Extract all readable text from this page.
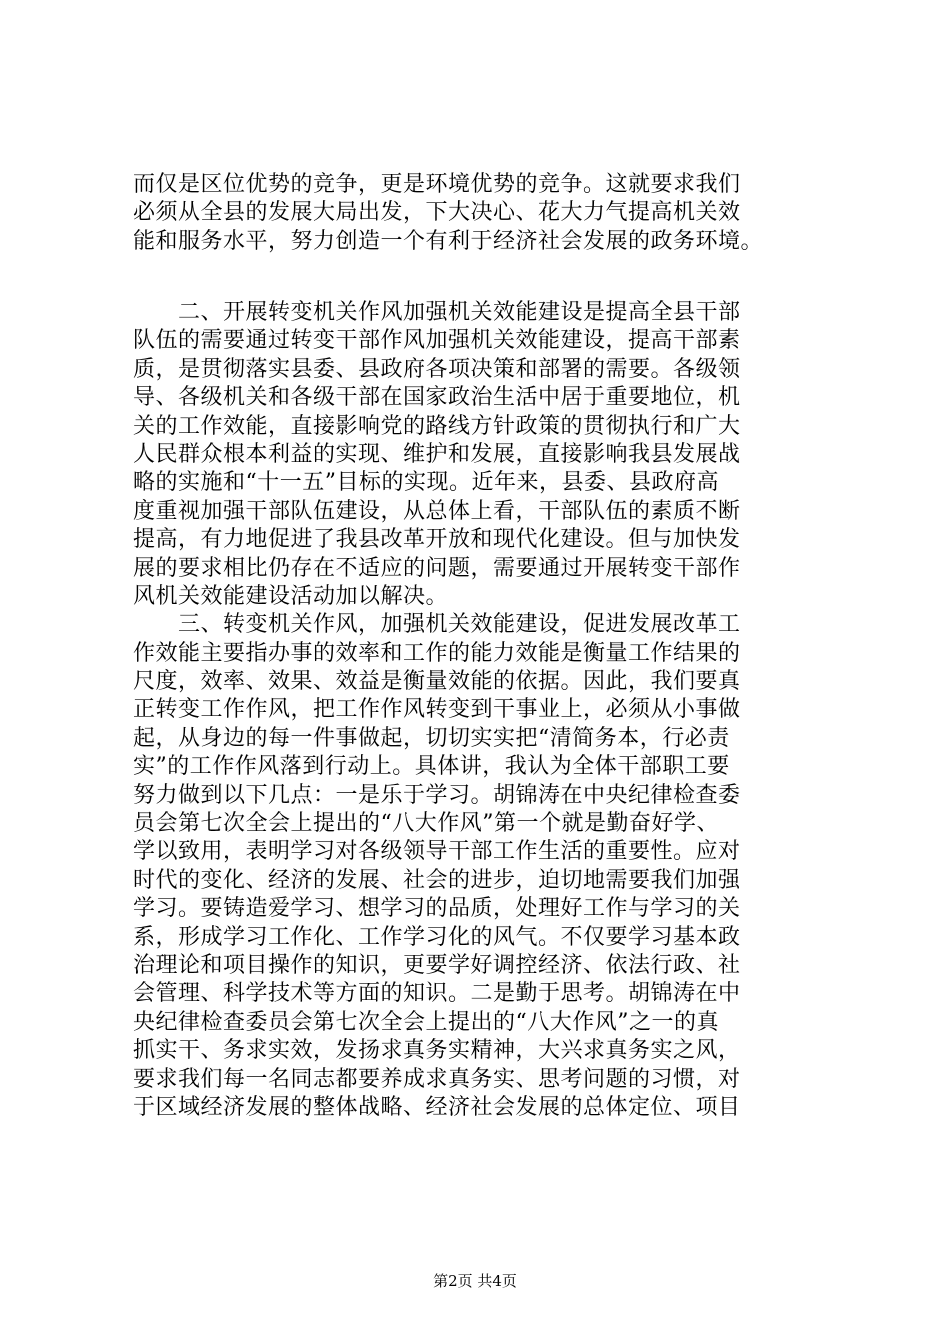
而仅是区位优势的竞争，更是环境优势的竞争。这就要求我们
必须从全县的发展大局出发，下大决心、花大力气提高机关效
能和服务水平，努力创造一个有利于经济社会发展的政务环境。
　　二、开展转变机关作风加强机关效能建设是提高全县干部
队伍的需要通过转变干部作风加强机关效能建设，提高干部素
质，是贯彻落实县委、县政府各项决策和部署的需要。各级领
导、各级机关和各级干部在国家政治生活中居于重要地位，机
关的工作效能，直接影响党的路线方针政策的贯彻执行和广大
人民群众根本利益的实现、维护和发展，直接影响我县发展战
略的实施和“十一五”目标的实现。近年来，县委、县政府高
度重视加强干部队伍建设，从总体上看，干部队伍的素质不断
提高，有力地促进了我县改革开放和现代化建设。但与加快发
展的要求相比仍存在不适应的问题，需要通过开展转变干部作
风机关效能建设活动加以解决。
　　三、转变机关作风，加强机关效能建设，促进发展改革工
作效能主要指办事的效率和工作的能力效能是衡量工作结果的
尺度，效率、效果、效益是衡量效能的依据。因此，我们要真
正转变工作作风，把工作作风转变到干事业上，必须从小事做
起，从身边的每一件事做起，切切实实把“清简务本，行必责
实”的工作作风落到行动上。具体讲，我认为全体干部职工要
努力做到以下几点：一是乐于学习。胡锦涛在中央纪律检查委
员会第七次全会上提出的“八大作风”第一个就是勤奋好学、
学以致用，表明学习对各级领导干部工作生活的重要性。应对
时代的变化、经济的发展、社会的进步，迫切地需要我们加强
学习。要铸造爱学习、想学习的品质，处理好工作与学习的关
系，形成学习工作化、工作学习化的风气。不仅要学习基本政
治理论和项目操作的知识，更要学好调控经济、依法行政、社
会管理、科学技术等方面的知识。二是勤于思考。胡锦涛在中
央纪律检查委员会第七次全会上提出的“八大作风”之一的真
抓实干、务求实效，发扬求真务实精神，大兴求真务实之风，
要求我们每一名同志都要养成求真务实、思考问题的习惯，对
于区域经济发展的整体战略、经济社会发展的总体定位、项目
第2页 共4页
